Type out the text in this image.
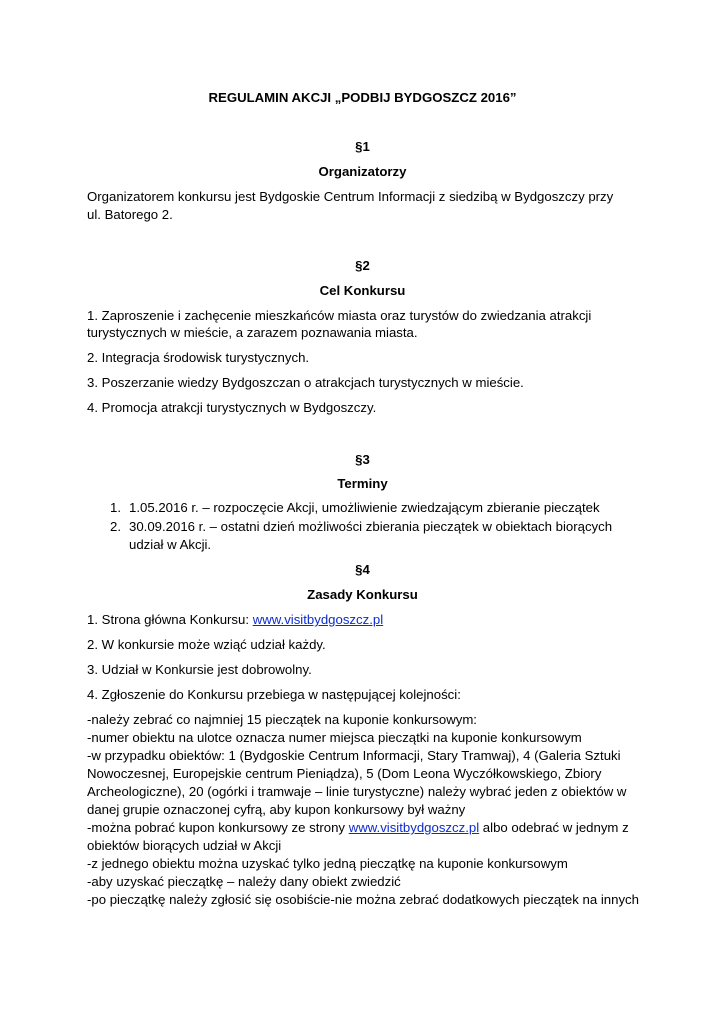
REGULAMIN AKCJI „PODBIJ BYDGOSZCZ 2016”
§1
Organizatorzy
Organizatorem konkursu jest Bydgoskie Centrum Informacji z siedzibą w Bydgoszczy przy
ul. Batorego 2.
§2
Cel Konkursu
1. Zaproszenie i zachęcenie mieszkańców miasta oraz turystów do zwiedzania atrakcji
turystycznych w mieście, a zarazem poznawania miasta.
2. Integracja środowisk turystycznych.
3. Poszerzanie wiedzy Bydgoszczan o atrakcjach turystycznych w mieście.
4. Promocja atrakcji turystycznych w Bydgoszczy.
§3
Terminy
1. 1.05.2016 r. – rozpoczęcie Akcji, umożliwienie zwiedzającym zbieranie pieczątek
2. 30.09.2016 r. – ostatni dzień możliwości zbierania pieczątek w obiektach biorących
udział w Akcji.
§4
Zasady Konkursu
1. Strona główna Konkursu: www.visitbydgoszcz.pl
2. W konkursie może wziąć udział każdy.
3. Udział w Konkursie jest dobrowolny.
4. Zgłoszenie do Konkursu przebiega w następującej kolejności:
-należy zebrać co najmniej 15 pieczątek na kuponie konkursowym:
-numer obiektu na ulotce oznacza numer miejsca pieczątki na kuponie konkursowym
-w przypadku obiektów: 1 (Bydgoskie Centrum Informacji, Stary Tramwaj), 4 (Galeria Sztuki
Nowoczesnej, Europejskie centrum Pieniądza), 5 (Dom Leona Wyczółkowskiego, Zbiory
Archeologiczne), 20 (ogórki i tramwaje – linie turystyczne) należy wybrać jeden z obiektów w
danej grupie oznaczonej cyfrą, aby kupon konkursowy był ważny
-można pobrać kupon konkursowy ze strony www.visitbydgoszcz.pl albo odebrać w jednym z
obiektów biorących udział w Akcji
-z jednego obiektu można uzyskać tylko jedną pieczątkę na kuponie konkursowym
-aby uzyskać pieczątkę – należy dany obiekt zwiedzić
-po pieczątkę należy zgłosić się osobiście-nie można zebrać dodatkowych pieczątek na innych
